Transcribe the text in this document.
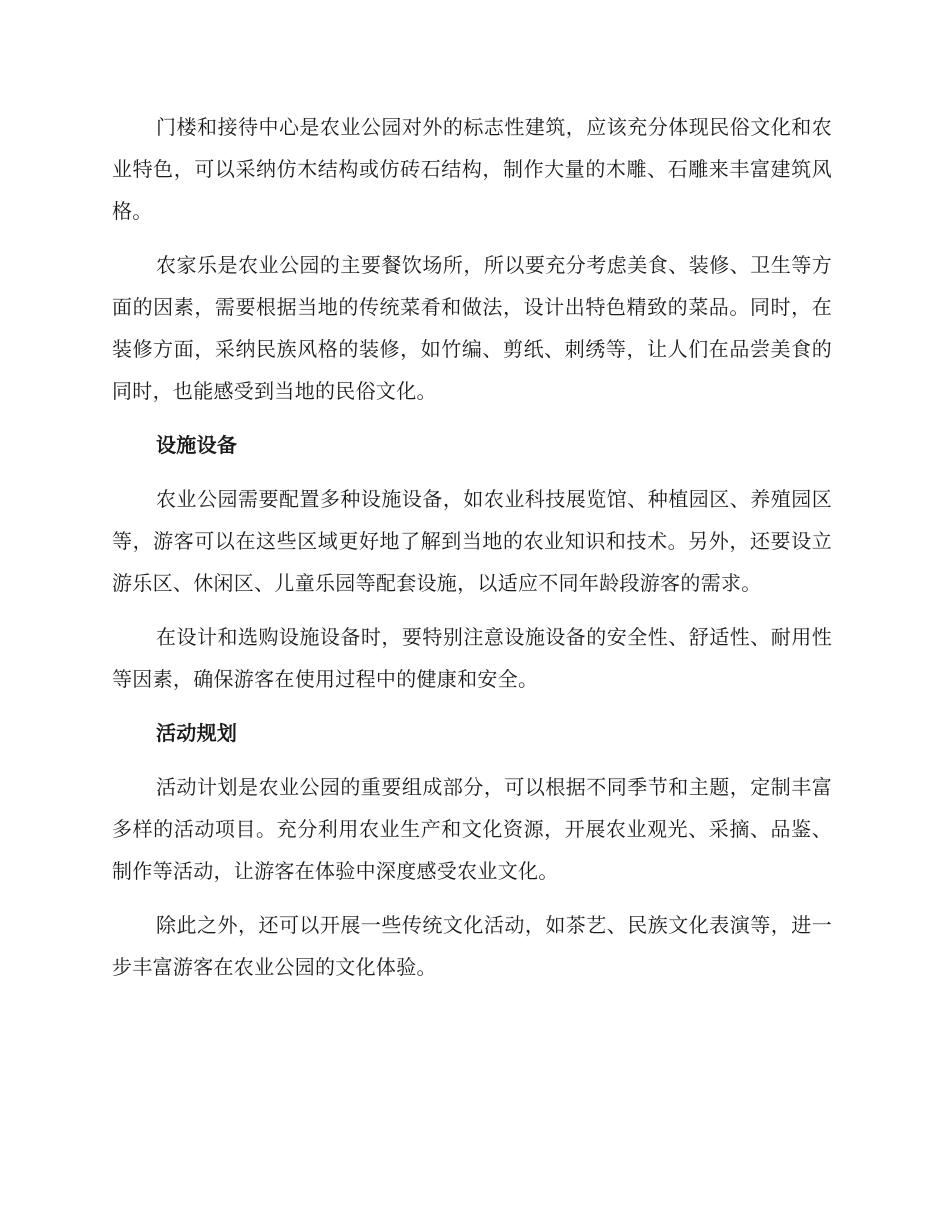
门楼和接待中心是农业公园对外的标志性建筑，应该充分体现民俗文化和农业特色，可以采纳仿木结构或仿砖石结构，制作大量的木雕、石雕来丰富建筑风格。

农家乐是农业公园的主要餐饮场所，所以要充分考虑美食、装修、卫生等方面的因素，需要根据当地的传统菜肴和做法，设计出特色精致的菜品。同时，在装修方面，采纳民族风格的装修，如竹编、剪纸、刺绣等，让人们在品尝美食的同时，也能感受到当地的民俗文化。

设施设备

农业公园需要配置多种设施设备，如农业科技展览馆、种植园区、养殖园区等，游客可以在这些区域更好地了解到当地的农业知识和技术。另外，还要设立游乐区、休闲区、儿童乐园等配套设施，以适应不同年龄段游客的需求。

在设计和选购设施设备时，要特别注意设施设备的安全性、舒适性、耐用性等因素，确保游客在使用过程中的健康和安全。

活动规划

活动计划是农业公园的重要组成部分，可以根据不同季节和主题，定制丰富多样的活动项目。充分利用农业生产和文化资源，开展农业观光、采摘、品鉴、制作等活动，让游客在体验中深度感受农业文化。

除此之外，还可以开展一些传统文化活动，如茶艺、民族文化表演等，进一步丰富游客在农业公园的文化体验。
